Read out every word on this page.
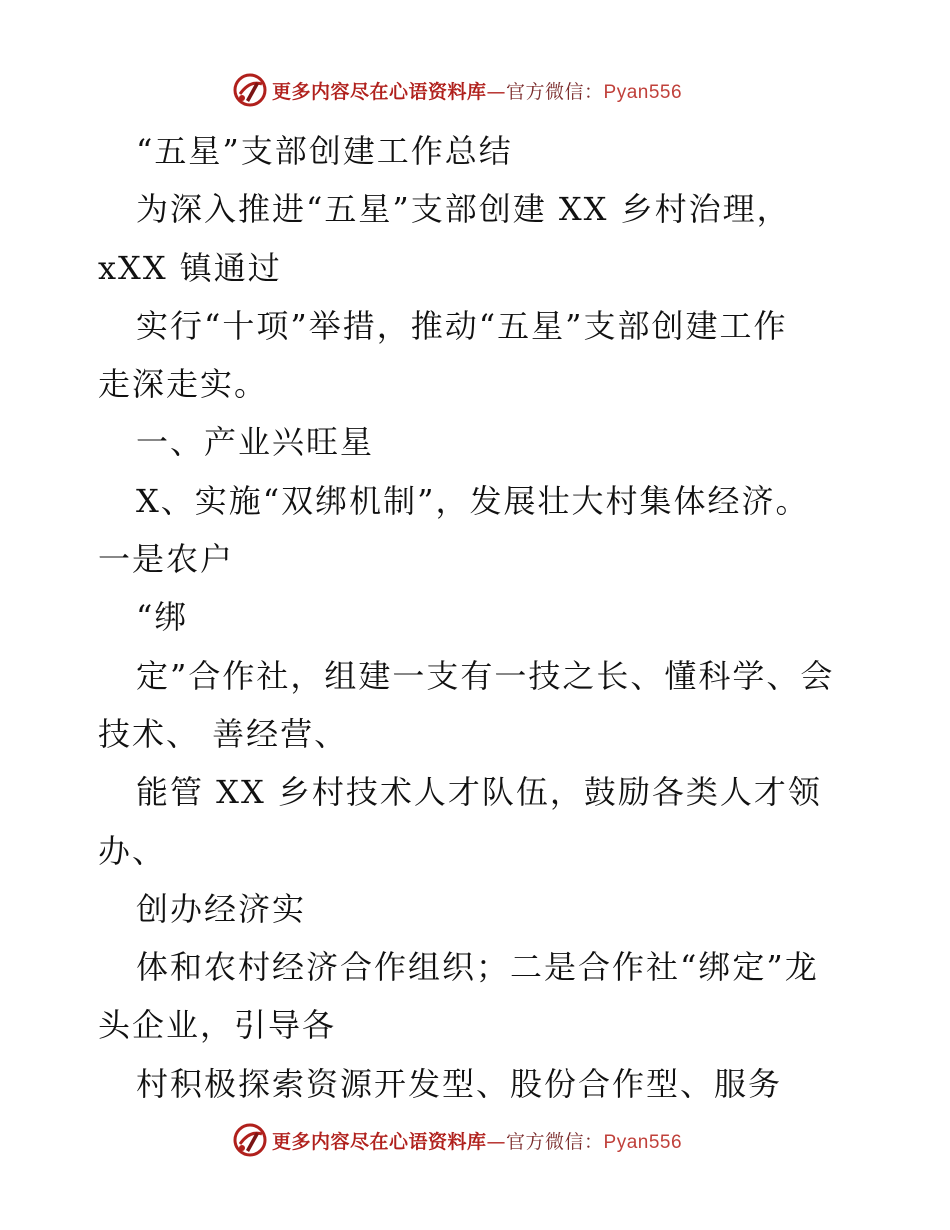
更多内容尽在心语资料库—官方微信：Pyan556
“五星”支部创建工作总结
为深入推进“五星”支部创建 XX 乡村治理，
xXX 镇通过
实行“十项”举措，推动“五星”支部创建工作
走深走实。
一、产业兴旺星
X、实施“双绑机制”，发展壮大村集体经济。
一是农户
“绑
定”合作社，组建一支有一技之长、懂科学、会
技术、 善经营、
能管 XX 乡村技术人才队伍，鼓励各类人才领
办、
创办经济实
体和农村经济合作组织；二是合作社“绑定”龙
头企业，引导各
村积极探索资源开发型、股份合作型、服务
更多内容尽在心语资料库—官方微信：Pyan556
